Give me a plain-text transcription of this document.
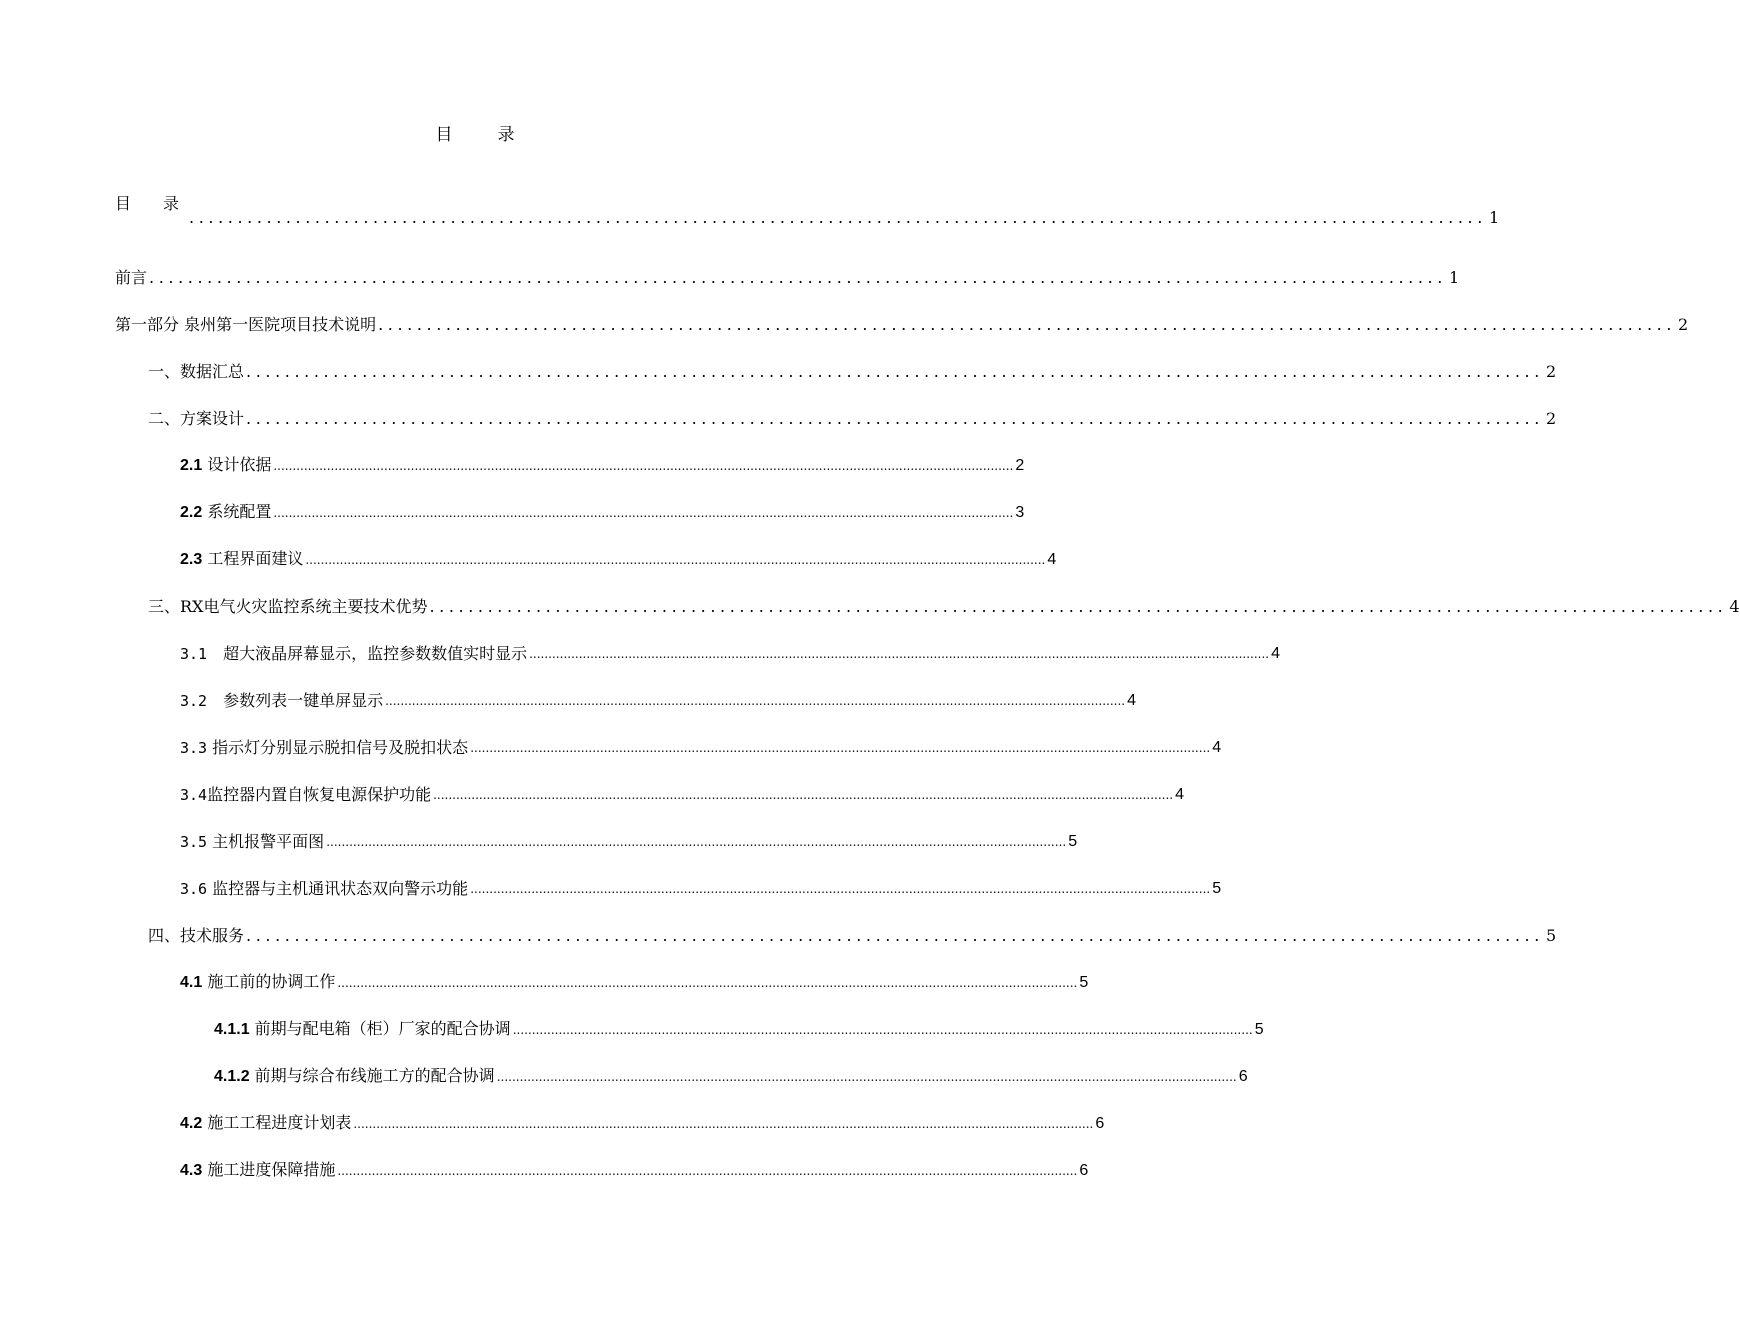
目　录
目　录
...................................................................................................................................... 1
前言 ...................................................................................................................................... 1
第一部分 泉州第一医院项目技术说明 ...................................................................................................................................... 2
一、数据汇总 ...................................................................................................................................... 2
二、方案设计 ...................................................................................................................................... 2
2.1 设计依据 .................................................................................................................................................................................................. 2
2.2 系统配置 .................................................................................................................................................................................................. 3
2.3 工程界面建议 .................................................................................................................................................................................................. 4
三、RX电气火灾监控系统主要技术优势 ...................................................................................................................................... 4
3.1　超大液晶屏幕显示，监控参数数值实时显示 .................................................................................................................................................................................................. 4
3.2　参数列表一键单屏显示 .................................................................................................................................................................................................. 4
3.3 指示灯分别显示脱扣信号及脱扣状态 .................................................................................................................................................................................................. 4
3.4监控器内置自恢复电源保护功能 .................................................................................................................................................................................................. 4
3.5 主机报警平面图 .................................................................................................................................................................................................. 5
3.6 监控器与主机通讯状态双向警示功能 .................................................................................................................................................................................................. 5
四、技术服务 ...................................................................................................................................... 5
4.1 施工前的协调工作 .................................................................................................................................................................................................. 5
4.1.1 前期与配电箱（柜）厂家的配合协调 .................................................................................................................................................................................................. 5
4.1.2 前期与综合布线施工方的配合协调 .................................................................................................................................................................................................. 6
4.2 施工工程进度计划表 .................................................................................................................................................................................................. 6
4.3 施工进度保障措施 .................................................................................................................................................................................................. 6
